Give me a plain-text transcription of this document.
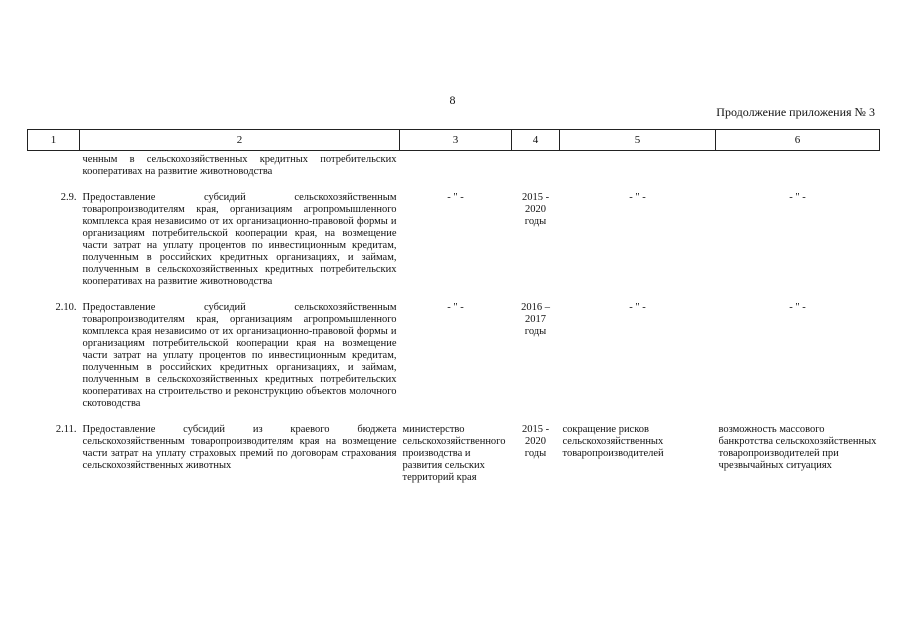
8
Продолжение приложения № 3
1	2	3	4	5	6
	ченным в сельскохозяйственных кредитных потребительских кооперативах на развитие животноводства				
2.9.	Предоставление субсидий сельскохозяйственным товаропроизводителям края, организациям агропромышленного комплекса края независимо от их организационно-правовой формы и организациям потребительской кооперации края, на возмещение части затрат на уплату процентов по инвестиционным кредитам, полученным в российских кредитных организациях, и займам, полученным в сельскохозяйственных кредитных потребительских кооперативах на развитие животноводства	- " -	2015 - 2020 годы	- " -	- " -
2.10.	Предоставление субсидий сельскохозяйственным товаропроизводителям края, организациям агропромышленного комплекса края независимо от их организационно-правовой формы и организациям потребительской кооперации края на возмещение части затрат на уплату процентов по инвестиционным кредитам, полученным в российских кредитных организациях, и займам, полученным в сельскохозяйственных кредитных потребительских кооперативах на строительство и реконструкцию объектов молочного скотоводства	- " -	2016 – 2017 годы	- " -	- " -
2.11.	Предоставление субсидий из краевого бюджета сельскохозяйственным товаропроизводителям края на возмещение части затрат на уплату страховых премий по договорам страхования сельскохозяйственных животных	министерство сельскохозяйственного производства и развития сельских территорий края	2015 - 2020 годы	сокращение рисков сельскохозяйственных товаропроизводителей	возможность массового банкротства сельскохозяйственных товаропроизводителей при чрезвычайных ситуациях
